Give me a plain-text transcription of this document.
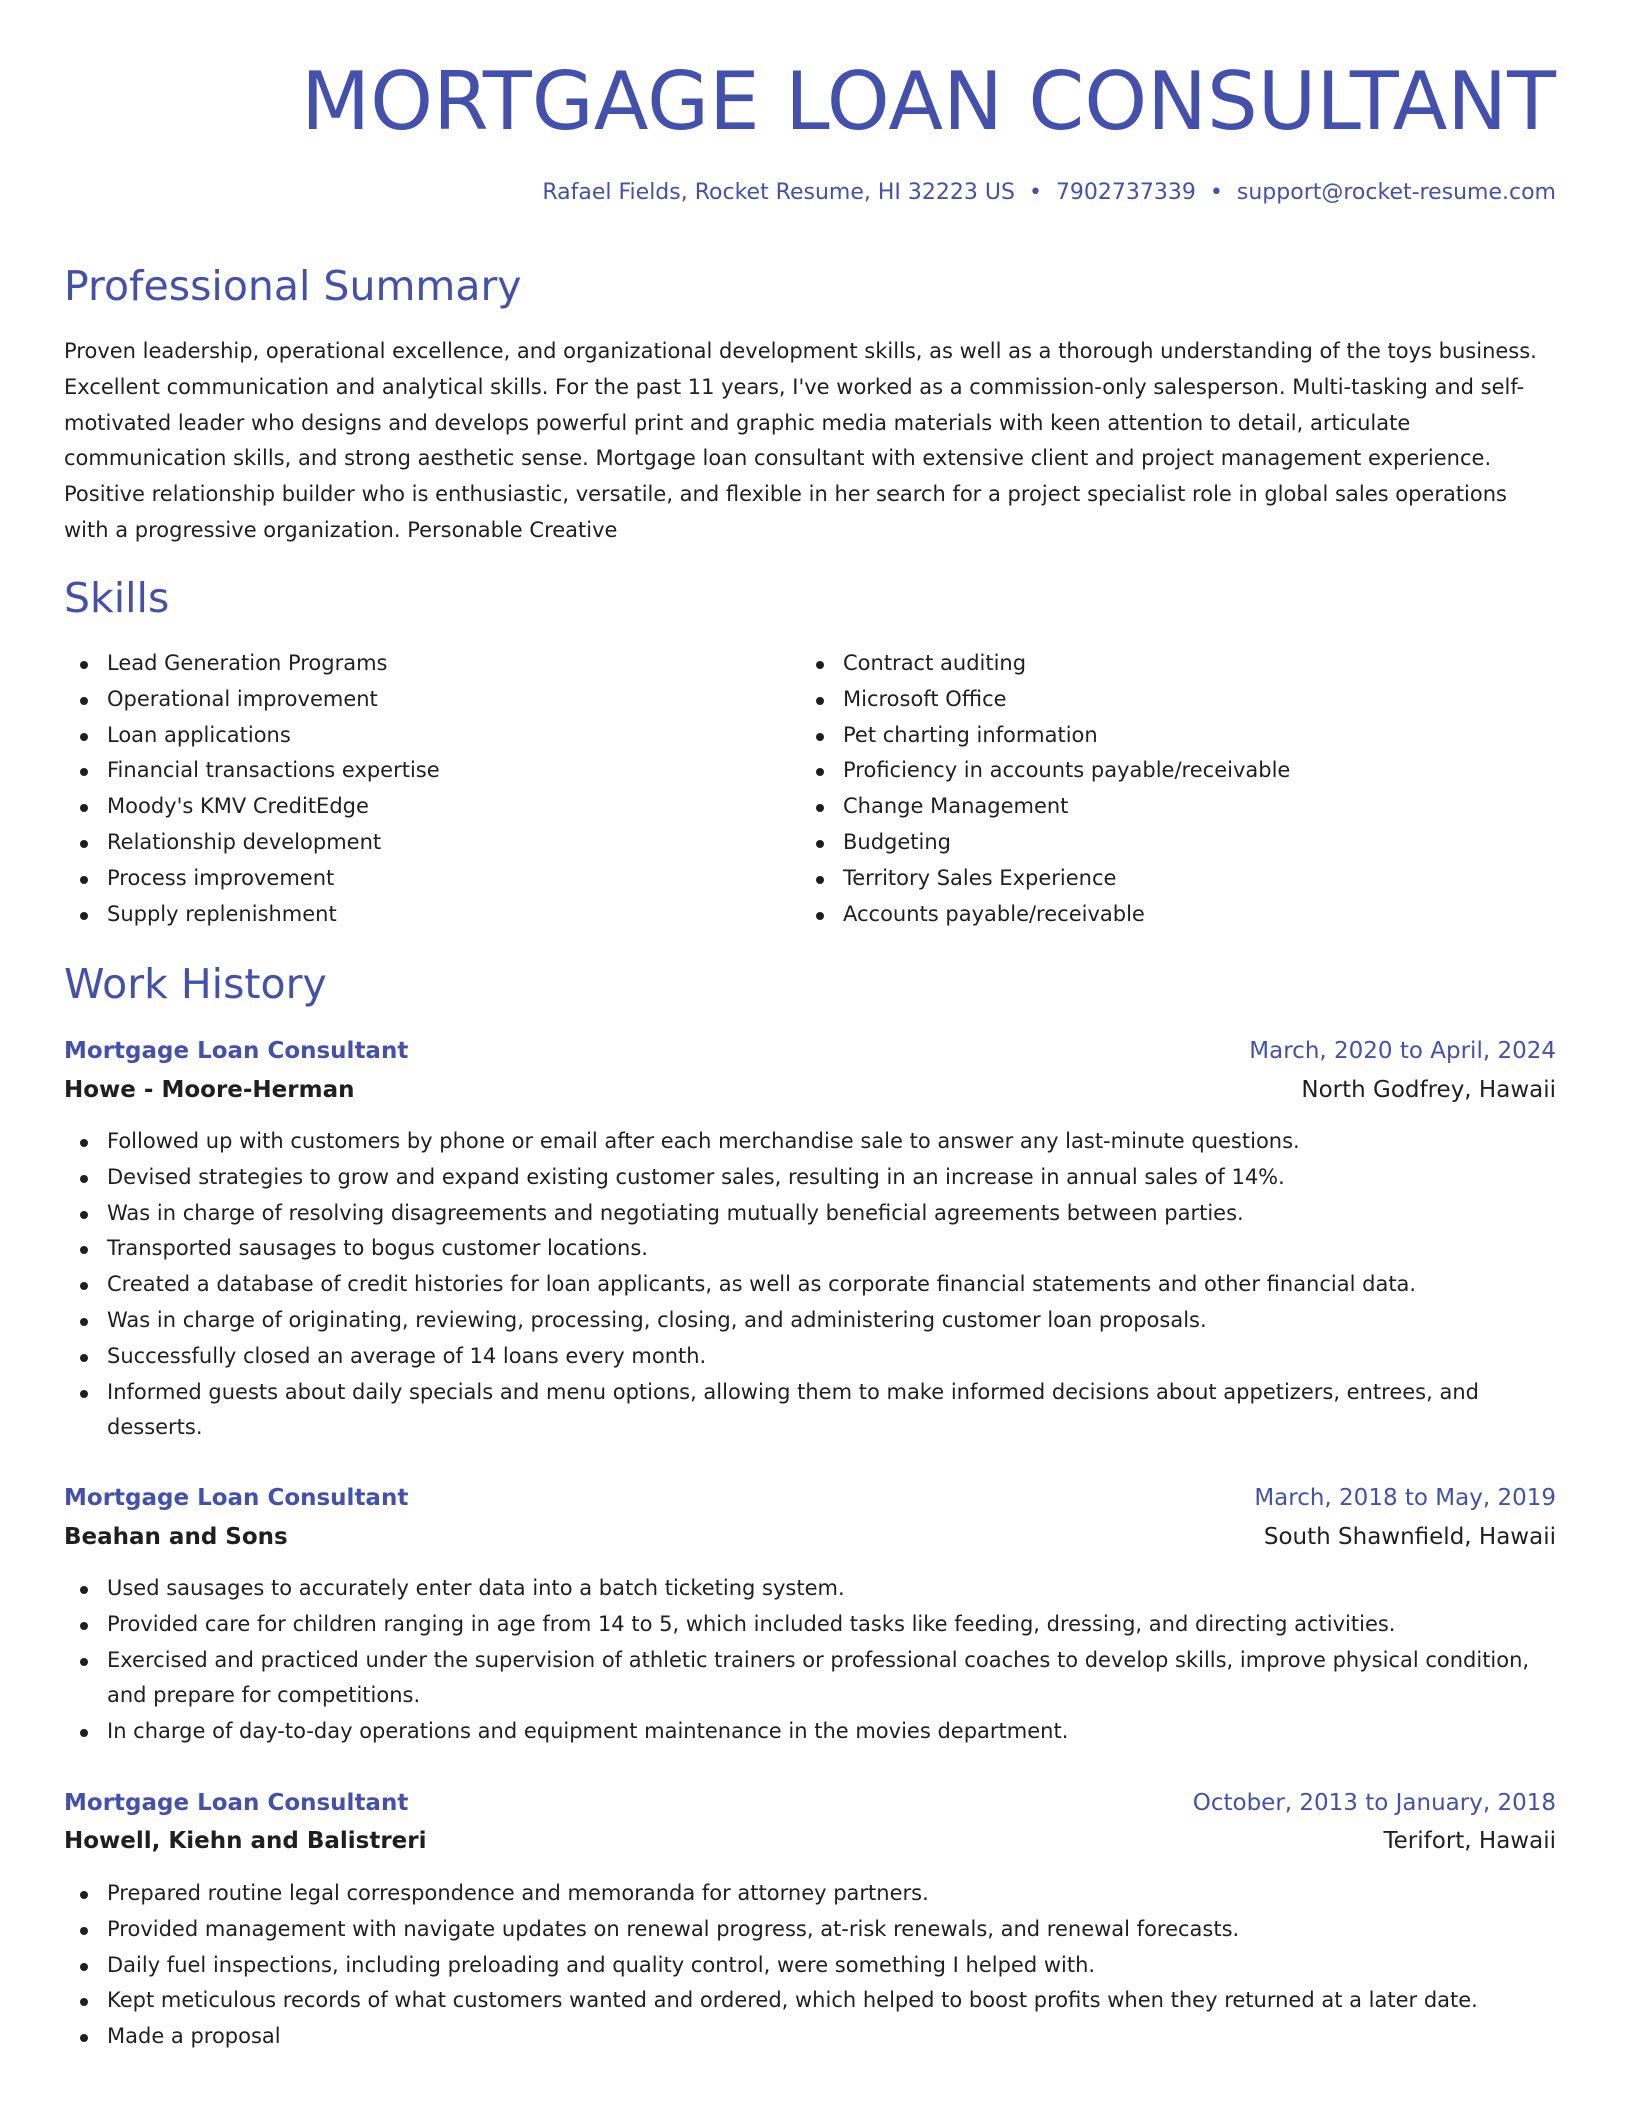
MORTGAGE LOAN CONSULTANT
Rafael Fields, Rocket Resume, HI 32223 US • 7902737339 • support@rocket-resume.com
Professional Summary

Proven leadership, operational excellence, and organizational development skills, as well as a thorough understanding of the toys business. Excellent communication and analytical skills. For the past 11 years, I've worked as a commission-only salesperson. Multi-tasking and self-motivated leader who designs and develops powerful print and graphic media materials with keen attention to detail, articulate communication skills, and strong aesthetic sense. Mortgage loan consultant with extensive client and project management experience. Positive relationship builder who is enthusiastic, versatile, and flexible in her search for a project specialist role in global sales operations with a progressive organization. Personable Creative

Skills
Lead Generation Programs
Operational improvement
Loan applications
Financial transactions expertise
Moody's KMV CreditEdge
Relationship development
Process improvement
Supply replenishment
Contract auditing
Microsoft Office
Pet charting information
Proficiency in accounts payable/receivable
Change Management
Budgeting
Territory Sales Experience
Accounts payable/receivable
Work History
Mortgage Loan Consultant	March, 2020 to April, 2024
Howe - Moore-Herman	North Godfrey, Hawaii
Followed up with customers by phone or email after each merchandise sale to answer any last-minute questions.
Devised strategies to grow and expand existing customer sales, resulting in an increase in annual sales of 14%.
Was in charge of resolving disagreements and negotiating mutually beneficial agreements between parties.
Transported sausages to bogus customer locations.
Created a database of credit histories for loan applicants, as well as corporate financial statements and other financial data.
Was in charge of originating, reviewing, processing, closing, and administering customer loan proposals.
Successfully closed an average of 14 loans every month.
Informed guests about daily specials and menu options, allowing them to make informed decisions about appetizers, entrees, and desserts.
Mortgage Loan Consultant	March, 2018 to May, 2019
Beahan and Sons	South Shawnfield, Hawaii
Used sausages to accurately enter data into a batch ticketing system.
Provided care for children ranging in age from 14 to 5, which included tasks like feeding, dressing, and directing activities.
Exercised and practiced under the supervision of athletic trainers or professional coaches to develop skills, improve physical condition, and prepare for competitions.
In charge of day-to-day operations and equipment maintenance in the movies department.
Mortgage Loan Consultant	October, 2013 to January, 2018
Howell, Kiehn and Balistreri	Terifort, Hawaii
Prepared routine legal correspondence and memoranda for attorney partners.
Provided management with navigate updates on renewal progress, at-risk renewals, and renewal forecasts.
Daily fuel inspections, including preloading and quality control, were something I helped with.
Kept meticulous records of what customers wanted and ordered, which helped to boost profits when they returned at a later date.
Made a proposal
